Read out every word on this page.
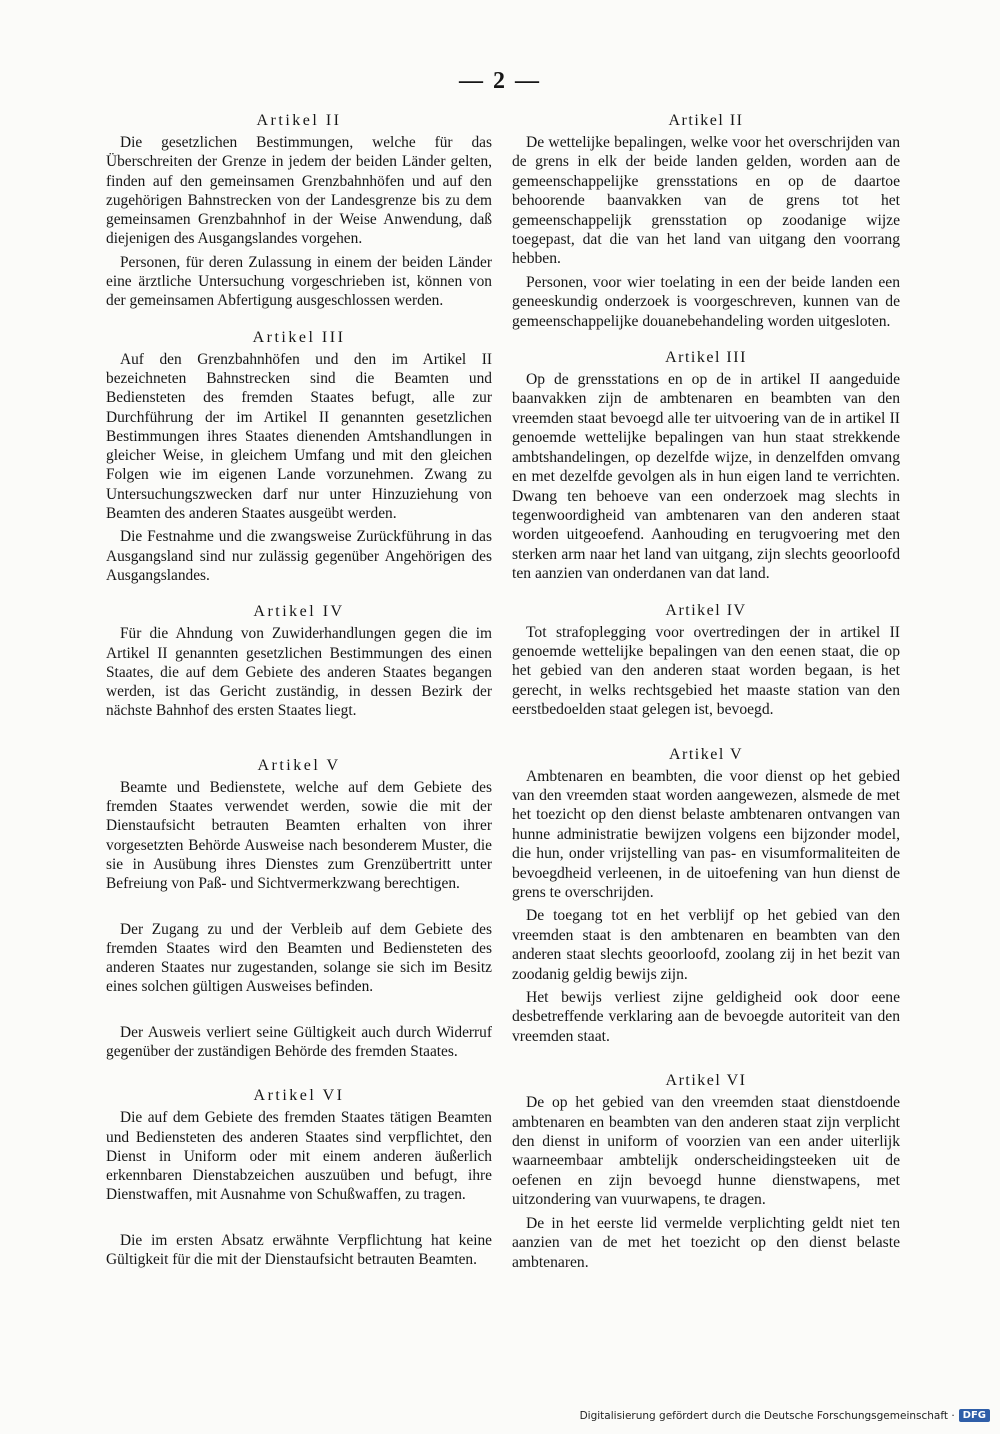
— 2 —
Artikel II

Die gesetzlichen Bestimmungen, welche für das Überschreiten der Grenze in jedem der beiden Länder gelten, finden auf den gemeinsamen Grenzbahnhöfen und auf den zugehörigen Bahnstrecken von der Landesgrenze bis zu dem gemeinsamen Grenzbahnhof in der Weise Anwendung, daß diejenigen des Ausgangslandes vorgehen.

Personen, für deren Zulassung in einem der beiden Länder eine ärztliche Untersuchung vorgeschrieben ist, können von der gemeinsamen Abfertigung ausgeschlossen werden.

Artikel III

Auf den Grenzbahnhöfen und den im Artikel II bezeichneten Bahnstrecken sind die Beamten und Bediensteten des fremden Staates befugt, alle zur Durchführung der im Artikel II genannten gesetzlichen Bestimmungen ihres Staates dienenden Amtshandlungen in gleicher Weise, in gleichem Umfang und mit den gleichen Folgen wie im eigenen Lande vorzunehmen. Zwang zu Untersuchungszwecken darf nur unter Hinzuziehung von Beamten des anderen Staates ausgeübt werden.

Die Festnahme und die zwangsweise Zurückführung in das Ausgangsland sind nur zulässig gegenüber Angehörigen des Ausgangslandes.

Artikel IV

Für die Ahndung von Zuwiderhandlungen gegen die im Artikel II genannten gesetzlichen Bestimmungen des einen Staates, die auf dem Gebiete des anderen Staates begangen werden, ist das Gericht zuständig, in dessen Bezirk der nächste Bahnhof des ersten Staates liegt.

Artikel V

Beamte und Bedienstete, welche auf dem Gebiete des fremden Staates verwendet werden, sowie die mit der Dienstaufsicht betrauten Beamten erhalten von ihrer vorgesetzten Behörde Ausweise nach besonderem Muster, die sie in Ausübung ihres Dienstes zum Grenzübertritt unter Befreiung von Paß- und Sichtvermerkzwang berechtigen.

Der Zugang zu und der Verbleib auf dem Gebiete des fremden Staates wird den Beamten und Bediensteten des anderen Staates nur zugestanden, solange sie sich im Besitz eines solchen gültigen Ausweises befinden.

Der Ausweis verliert seine Gültigkeit auch durch Widerruf gegenüber der zuständigen Behörde des fremden Staates.

Artikel VI

Die auf dem Gebiete des fremden Staates tätigen Beamten und Bediensteten des anderen Staates sind verpflichtet, den Dienst in Uniform oder mit einem anderen äußerlich erkennbaren Dienstabzeichen auszuüben und befugt, ihre Dienstwaffen, mit Ausnahme von Schußwaffen, zu tragen.

Die im ersten Absatz erwähnte Verpflichtung hat keine Gültigkeit für die mit der Dienstaufsicht betrauten Beamten.

Artikel II

De wettelijke bepalingen, welke voor het overschrijden van de grens in elk der beide landen gelden, worden aan de gemeenschappelijke grensstations en op de daartoe behoorende baanvakken van de grens tot het gemeenschappelijk grensstation op zoodanige wijze toegepast, dat die van het land van uitgang den voorrang hebben.

Personen, voor wier toelating in een der beide landen een geneeskundig onderzoek is voorgeschreven, kunnen van de gemeenschappelijke douanebehandeling worden uitgesloten.

Artikel III

Op de grensstations en op de in artikel II aangeduide baanvakken zijn de ambtenaren en beambten van den vreemden staat bevoegd alle ter uitvoering van de in artikel II genoemde wettelijke bepalingen van hun staat strekkende ambtshandelingen, op dezelfde wijze, in denzelfden omvang en met dezelfde gevolgen als in hun eigen land te verrichten. Dwang ten behoeve van een onderzoek mag slechts in tegenwoordigheid van ambtenaren van den anderen staat worden uitgeoefend. Aanhouding en terugvoering met den sterken arm naar het land van uitgang, zijn slechts geoorloofd ten aanzien van onderdanen van dat land.

Artikel IV

Tot strafoplegging voor overtredingen der in artikel II genoemde wettelijke bepalingen van den eenen staat, die op het gebied van den anderen staat worden begaan, is het gerecht, in welks rechtsgebied het maaste station van den eerstbedoelden staat gelegen ist, bevoegd.

Artikel V

Ambtenaren en beambten, die voor dienst op het gebied van den vreemden staat worden aangewezen, alsmede de met het toezicht op den dienst belaste ambtenaren ontvangen van hunne administratie bewijzen volgens een bijzonder model, die hun, onder vrijstelling van pas- en visumformaliteiten de bevoegdheid verleenen, in de uitoefening van hun dienst de grens te overschrijden.

De toegang tot en het verblijf op het gebied van den vreemden staat is den ambtenaren en beambten van den anderen staat slechts geoorloofd, zoolang zij in het bezit van zoodanig geldig bewijs zijn.

Het bewijs verliest zijne geldigheid ook door eene desbetreffende verklaring aan de bevoegde autoriteit van den vreemden staat.

Artikel VI

De op het gebied van den vreemden staat dienstdoende ambtenaren en beambten van den anderen staat zijn verplicht den dienst in uniform of voorzien van een ander uiterlijk waarneembaar ambtelijk onderscheidingsteeken uit de oefenen en zijn bevoegd hunne dienstwapens, met uitzondering van vuurwapens, te dragen.

De in het eerste lid vermelde verplichting geldt niet ten aanzien van de met het toezicht op den dienst belaste ambtenaren.

Digitalisierung gefördert durch die Deutsche Forschungsgemeinschaft · DFG
